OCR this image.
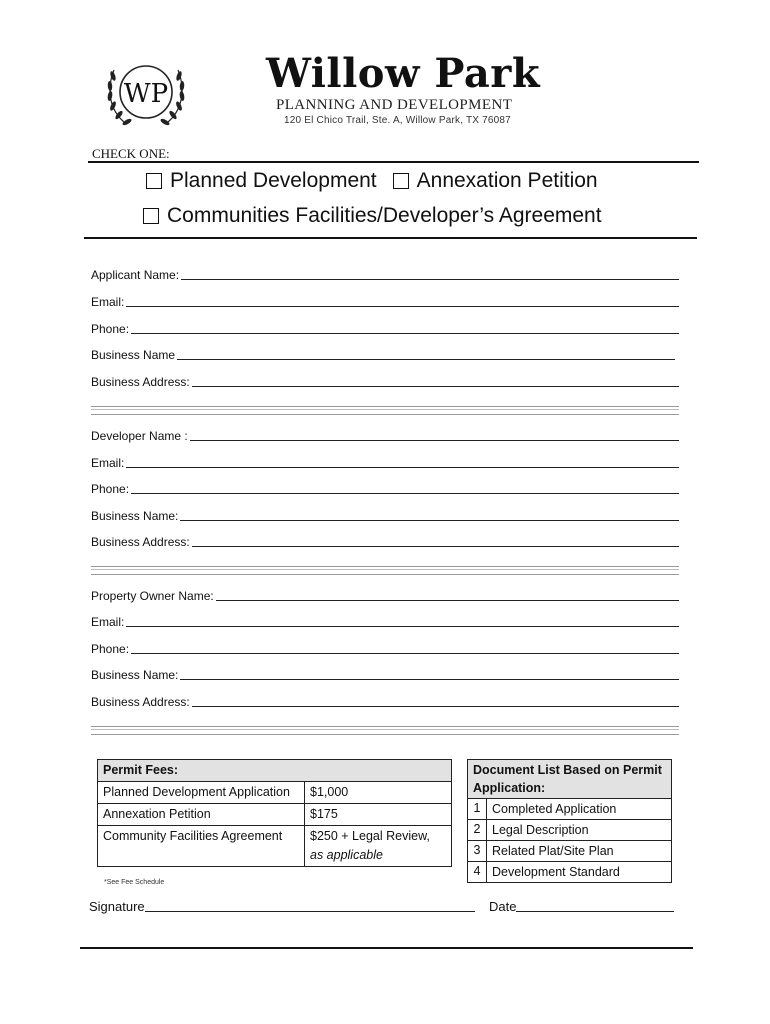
WP Willow Park
PLANNING AND DEVELOPMENT
120 El Chico Trail, Ste. A, Willow Park, TX 76087
CHECK ONE:
Planned Development Annexation Petition
Communities Facilities/Developer’s Agreement
Applicant Name:
Email:
Phone:
Business Name
Business Address:
Developer Name :
Email:
Phone:
Business Name:
Business Address:
Property Owner Name:
Email:
Phone:
Business Name:
Business Address:
Permit Fees:	
Planned Development Application	$1,000
Annexation Petition	$175
Community Facilities Agreement	$250 + Legal Review,
as applicable
*See Fee Schedule
Document List Based on Permit Application:	
1	Completed Application
2	Legal Description
3	Related Plat/Site Plan
4	Development Standard
Signature	Date
